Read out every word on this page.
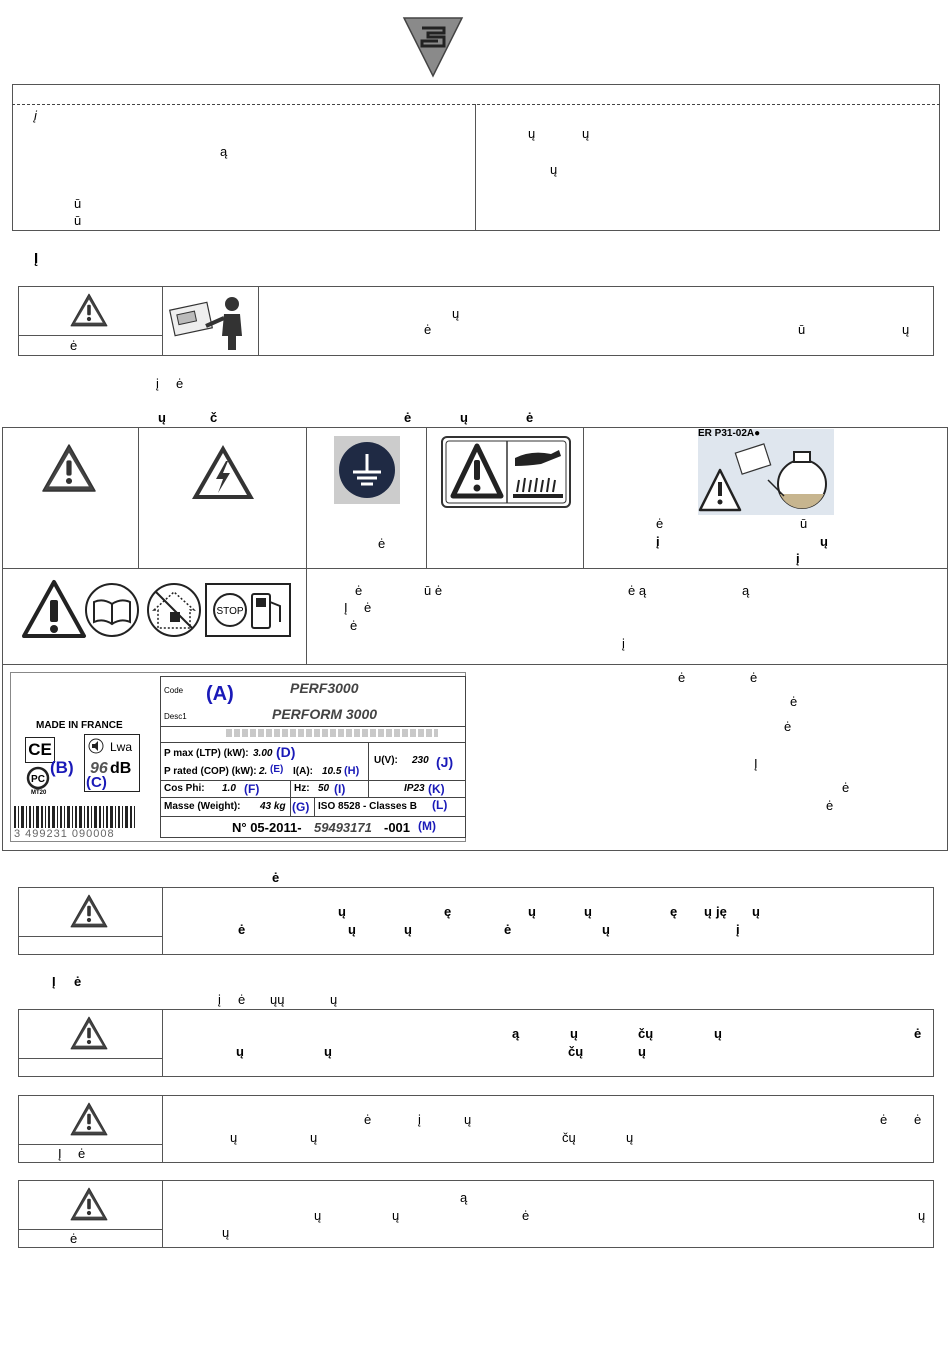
į
ą
ū
ū
ų	ų
ų
Į
ė
ų
ė	ū	ų
į ė
ų	č	ė	ų	ė
ė
ER P31-02A●
ė	ū
į	ų
į
STOP
ė	ū ė	ė ą	ą
Į ė
ė
į
MADE IN FRANCE
CE
PC
MT20
Lwa
96 dB
3 499231 090008
Code	PERF3000
Desc1	PERFORM 3000
P max (LTP) (kW): 3.00
P rated (COP) (kW): 2.	I(A): 10.5
U(V): 230
Cos Phi: 1.0	Hz: 50	IP23
Masse (Weight): 43 kg	ISO 8528 - Classes B
N° 05-2011- 59493171 -001
(A)
(B)
(C)
(D)
(E)
(F)
(G)
(H)
(I)
(J)
(K)
(L)
(M)
ė	ė
ė
ė
Į
ė
ė
ė
ų	ę	ų	ų	ę ų ję ų
ė	ų	ų	ė	ų	į
Į ė
į ė ųų	ų
ą	ų	čų	ų	ė
ų	ų	čų	ų
Į ė
ė	į	ų	ė ė
ų	ų	čų	ų
ė
ą
ų	ų	ė	ų
ų
